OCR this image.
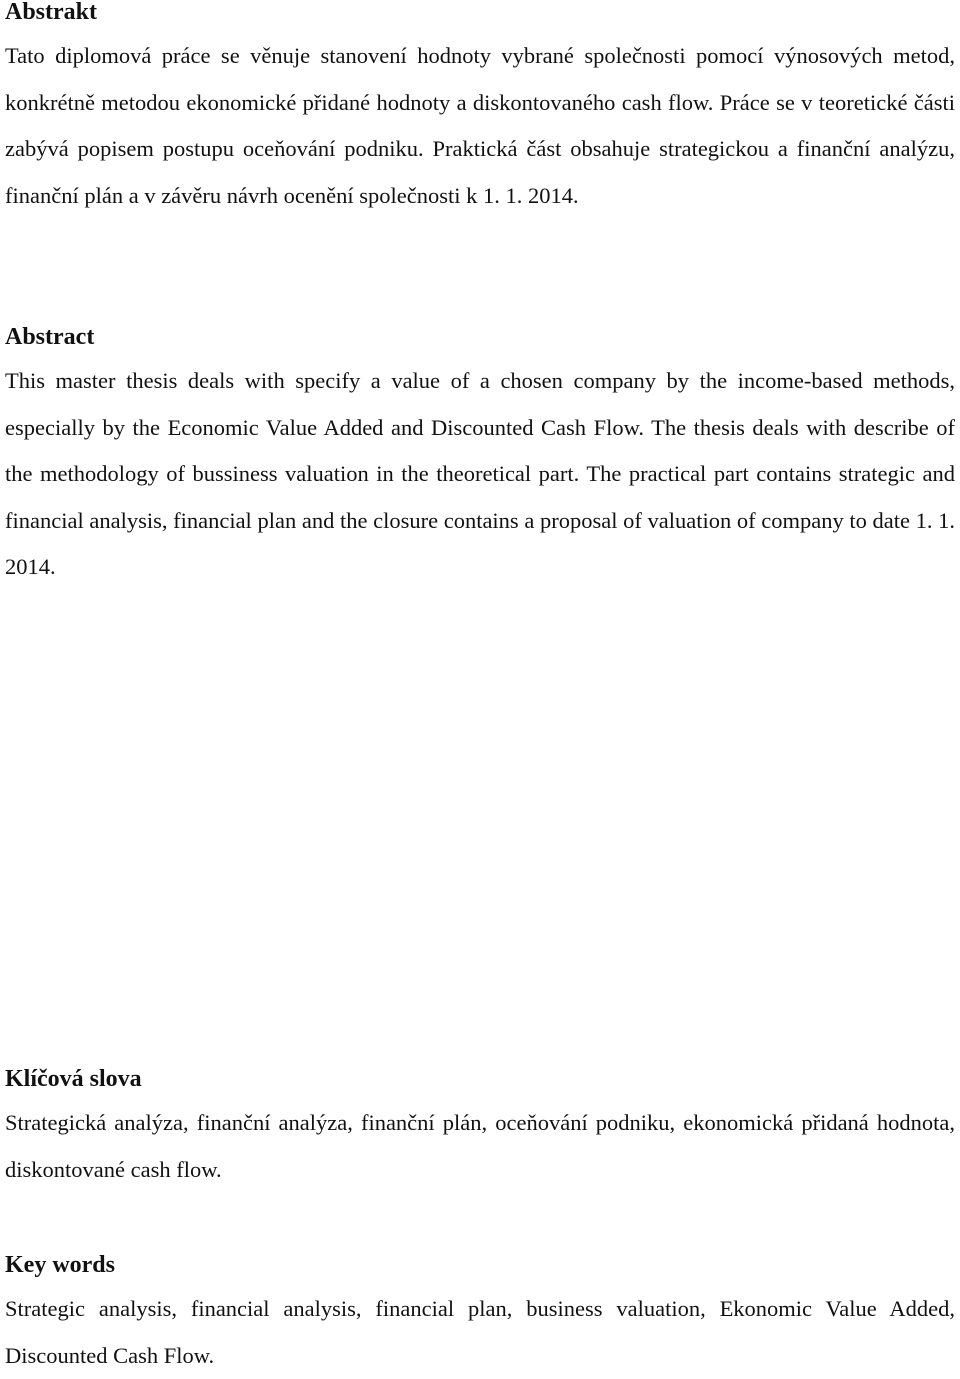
Abstrakt

Tato diplomová práce se věnuje stanovení hodnoty vybrané společnosti pomocí výnosových metod, konkrétně metodou ekonomické přidané hodnoty a diskontovaného cash flow. Práce se v teoretické části zabývá popisem postupu oceňování podniku. Praktická část obsahuje strategickou a finanční analýzu, finanční plán a v závěru návrh ocenění společnosti k 1. 1. 2014.

Abstract

This master thesis deals with specify a value of a chosen company by the income-based methods, especially by the Economic Value Added and Discounted Cash Flow. The thesis deals with describe of the methodology of bussiness valuation in the theoretical part. The practical part contains strategic and financial analysis, financial plan and the closure contains a proposal of valuation of company to date 1. 1. 2014.

Klíčová slova

Strategická analýza, finanční analýza, finanční plán, oceňování podniku, ekonomická přidaná hodnota, diskontované cash flow.

Key words

Strategic analysis, financial analysis, financial plan, business valuation, Ekonomic Value Added, Discounted Cash Flow.
